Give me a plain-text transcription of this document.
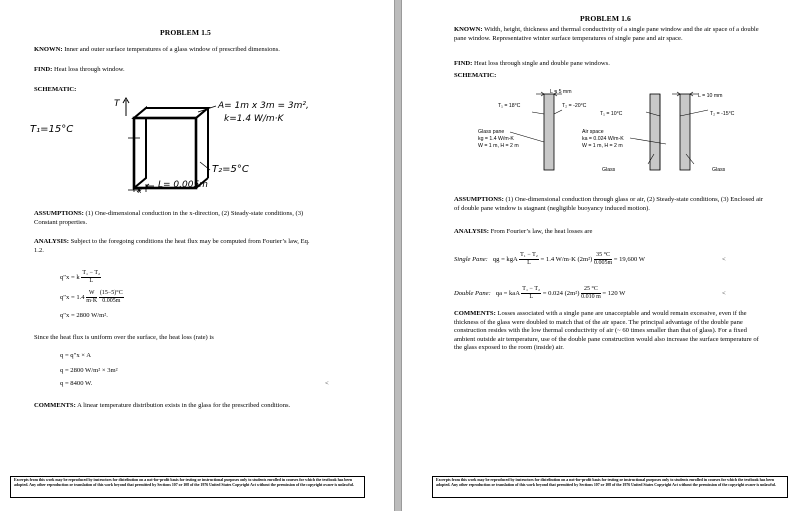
PROBLEM 1.5
KNOWN: Inner and outer surface temperatures of a glass window of prescribed dimensions.
FIND: Heat loss through window.
SCHEMATIC:
T
T₁=15°C
A= 1m x 3m = 3m²,
k=1.4 W/m·K
T₂=5°C
L= 0.005m
x
ASSUMPTIONS: (1) One-dimensional conduction in the x-direction, (2) Steady-state conditions, (3) Constant properties.
ANALYSIS: Subject to the foregoing conditions the heat flux may be computed from Fourier’s law, Eq. 1.2.
q″x = k $\frac{\text{T₁ − T₂}}{L}$
$q''x = 1.4 \frac{W}{m\cdot K}$
$\frac{(15-5)^\circ C}{0.005m}$
q″x = 2800 W/m².
Since the heat flux is uniform over the surface, the heat loss (rate) is
q = q″x × A
q = 2800 W/m² × 3m²
q = 8400 W.	<
COMMENTS: A linear temperature distribution exists in the glass for the prescribed conditions.
Excerpts from this work may be reproduced by instructors for distribution on a not-for-profit basis for testing or instructional purposes only to students enrolled in courses for which the textbook has been adopted. Any other reproduction or translation of this work beyond that permitted by Sections 107 or 108 of the 1976 United States Copyright Act without the permission of the copyright owner is unlawful.
PROBLEM 1.6
KNOWN: Width, height, thickness and thermal conductivity of a single pane window and the air space of a double pane window. Representative winter surface temperatures of single pane and air space.
FIND: Heat loss through single and double pane windows.
SCHEMATIC:
L = 5 mm
T₁ = 18°C	T₂ = -20°C
Glass pane
kg = 1.4 W/m-K
W = 1 m, H = 2 m
L = 10 mm
T₁ = 10°C	T₂ = -15°C
Air space
ka = 0.024 W/m-K
W = 1 m, H = 2 m
Glass	Glass
ASSUMPTIONS: (1) One-dimensional conduction through glass or air, (2) Steady-state conditions, (3) Enclosed air of double pane window is stagnant (negligible buoyancy induced motion).
ANALYSIS: From Fourier’s law, the heat losses are
Single Pane: qg = kgA $\frac{\text{T₁ − T₂}}{L} = 1.4$ W/m·K $(2m^2) \frac{35 ^\circ C}{0.005m} = 19,600$ W	<
Double Pane: qa = kaA $\frac{\text{T₁ − T₂}}{L} = 0.024$ $(2m^2) \frac{25 ^\circ C}{0.010 m} = 120$ W	<
COMMENTS: Losses associated with a single pane are unacceptable and would remain excessive, even if the thickness of the glass were doubled to match that of the air space. The principal advantage of the double pane construction resides with the low thermal conductivity of air (~ 60 times smaller than that of glass). For a fixed ambient outside air temperature, use of the double pane construction would also increase the surface temperature of the glass exposed to the room (inside) air.
Excerpts from this work may be reproduced by instructors for distribution on a not-for-profit basis for testing or instructional purposes only to students enrolled in courses for which the textbook has been adopted. Any other reproduction or translation of this work beyond that permitted by Sections 107 or 108 of the 1976 United States Copyright Act without the permission of the copyright owner is unlawful.
